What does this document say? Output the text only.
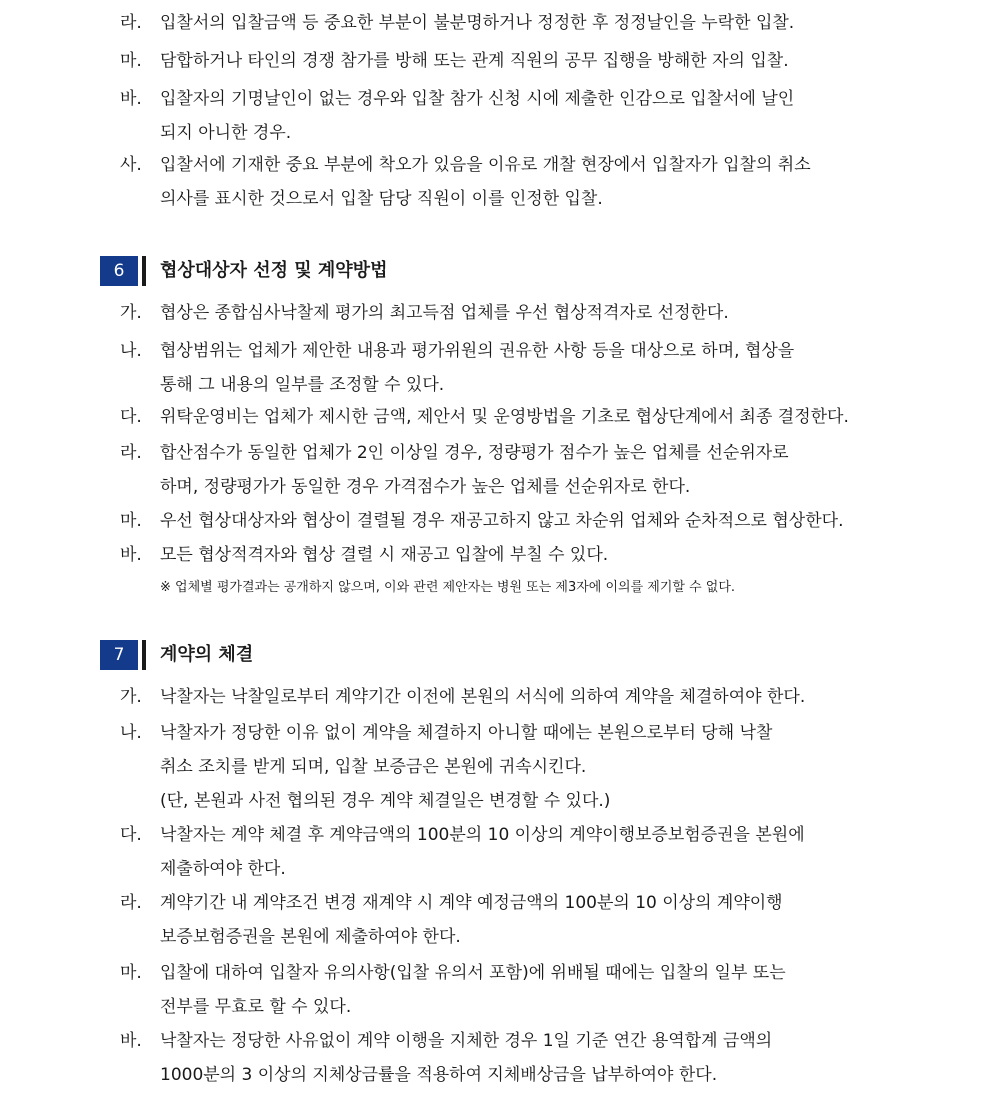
라. 입찰서의 입찰금액 등 중요한 부분이 불분명하거나 정정한 후 정정날인을 누락한 입찰.
마. 담합하거나 타인의 경쟁 참가를 방해 또는 관계 직원의 공무 집행을 방해한 자의 입찰.
바. 입찰자의 기명날인이 없는 경우와 입찰 참가 신청 시에 제출한 인감으로 입찰서에 날인
되지 아니한 경우.
사. 입찰서에 기재한 중요 부분에 착오가 있음을 이유로 개찰 현장에서 입찰자가 입찰의 취소
의사를 표시한 것으로서 입찰 담당 직원이 이를 인정한 입찰.
6	협상대상자 선정 및 계약방법
가. 협상은 종합심사낙찰제 평가의 최고득점 업체를 우선 협상적격자로 선정한다.
나. 협상범위는 업체가 제안한 내용과 평가위원의 권유한 사항 등을 대상으로 하며, 협상을
통해 그 내용의 일부를 조정할 수 있다.
다. 위탁운영비는 업체가 제시한 금액, 제안서 및 운영방법을 기초로 협상단계에서 최종 결정한다.
라. 합산점수가 동일한 업체가 2인 이상일 경우, 정량평가 점수가 높은 업체를 선순위자로
하며, 정량평가가 동일한 경우 가격점수가 높은 업체를 선순위자로 한다.
마. 우선 협상대상자와 협상이 결렬될 경우 재공고하지 않고 차순위 업체와 순차적으로 협상한다.
바. 모든 협상적격자와 협상 결렬 시 재공고 입찰에 부칠 수 있다.
※ 업체별 평가결과는 공개하지 않으며, 이와 관련 제안자는 병원 또는 제3자에 이의를 제기할 수 없다.
7	계약의 체결
가. 낙찰자는 낙찰일로부터 계약기간 이전에 본원의 서식에 의하여 계약을 체결하여야 한다.
나. 낙찰자가 정당한 이유 없이 계약을 체결하지 아니할 때에는 본원으로부터 당해 낙찰
취소 조치를 받게 되며, 입찰 보증금은 본원에 귀속시킨다.
(단, 본원과 사전 협의된 경우 계약 체결일은 변경할 수 있다.)
다. 낙찰자는 계약 체결 후 계약금액의 100분의 10 이상의 계약이행보증보험증권을 본원에
제출하여야 한다.
라. 계약기간 내 계약조건 변경 재계약 시 계약 예정금액의 100분의 10 이상의 계약이행
보증보험증권을 본원에 제출하여야 한다.
마. 입찰에 대하여 입찰자 유의사항(입찰 유의서 포함)에 위배될 때에는 입찰의 일부 또는
전부를 무효로 할 수 있다.
바. 낙찰자는 정당한 사유없이 계약 이행을 지체한 경우 1일 기준 연간 용역합계 금액의
1000분의 3 이상의 지체상금률을 적용하여 지체배상금을 납부하여야 한다.
